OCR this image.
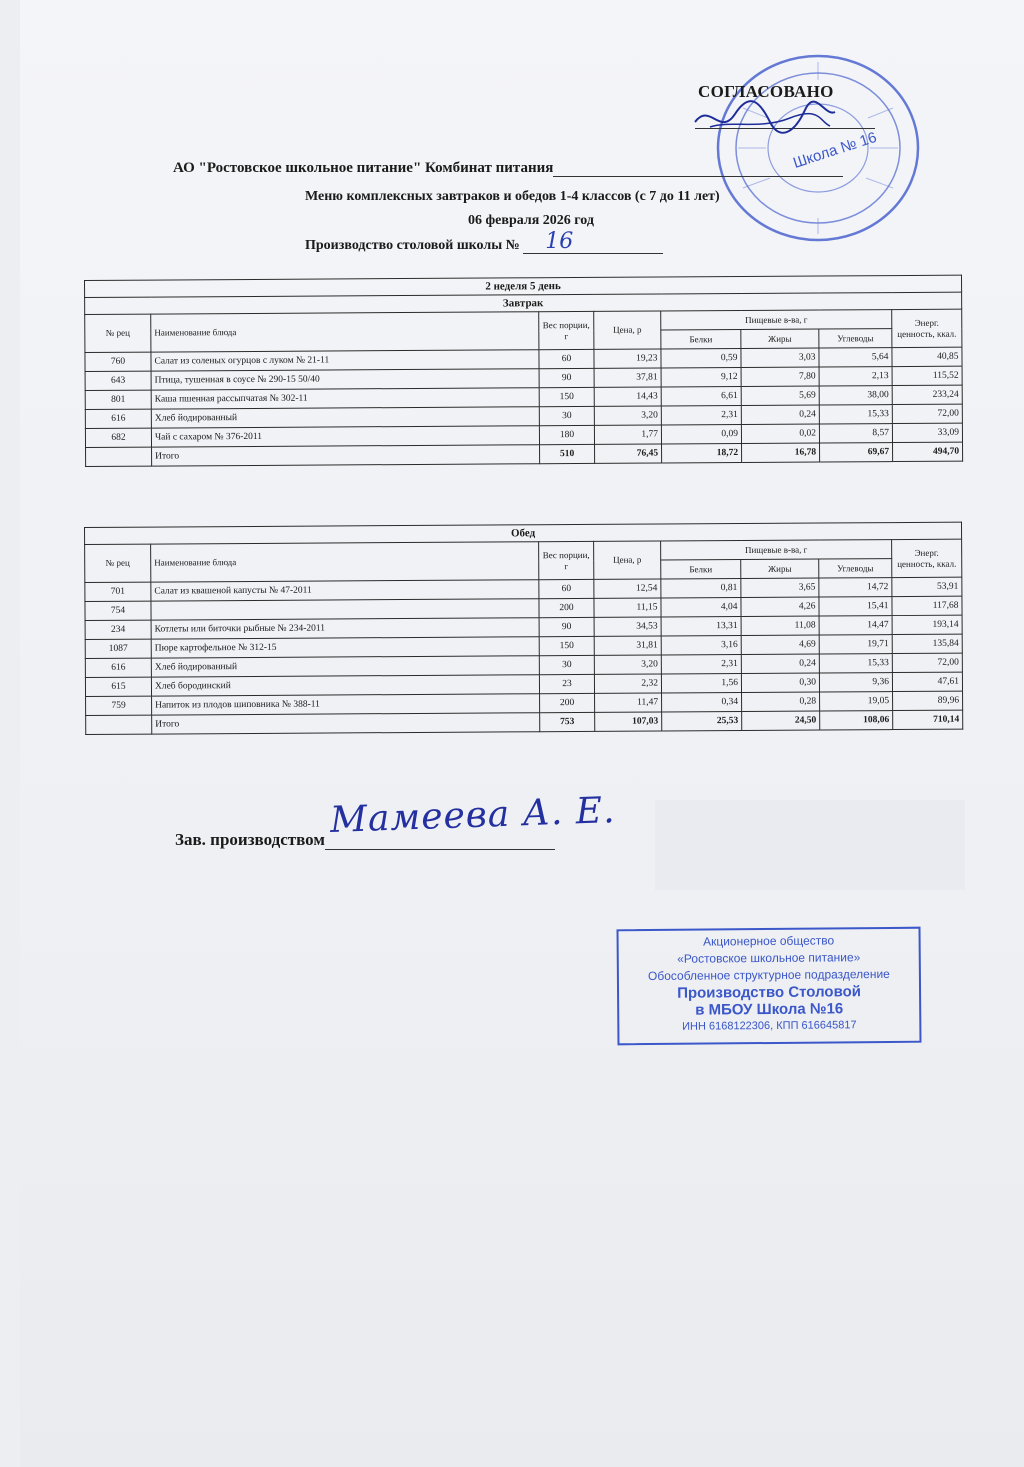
Школа № 16
СОГЛАСОВАНО
АО "Ростовское школьное питание" Комбинат питания
Меню комплексных завтраков и обедов 1-4 классов (с 7 до 11 лет)
06 февраля 2026 год
Производство столовой школы № 16
2 неделя 5 день							
Завтрак							
№ рец	Наименование блюда	Вес порции, г	Цена, р	Пищевые в-ва, г			Энерг. ценность, ккал.
				Белки	Жиры	Углеводы	
760	Салат из соленых огурцов с луком № 21-11	60	19,23	0,59	3,03	5,64	40,85
643	Птица, тушенная в соусе № 290-15 50/40	90	37,81	9,12	7,80	2,13	115,52
801	Каша пшенная рассыпчатая № 302-11	150	14,43	6,61	5,69	38,00	233,24
616	Хлеб йодированный	30	3,20	2,31	0,24	15,33	72,00
682	Чай с сахаром № 376-2011	180	1,77	0,09	0,02	8,57	33,09
	Итого	510	76,45	18,72	16,78	69,67	494,70
Обед							
№ рец	Наименование блюда	Вес порции, г	Цена, р	Пищевые в-ва, г			Энерг. ценность, ккал.
				Белки	Жиры	Углеводы	
701	Салат из квашеной капусты № 47-2011	60	12,54	0,81	3,65	14,72	53,91
754		200	11,15	4,04	4,26	15,41	117,68
234	Котлеты или биточки рыбные № 234-2011	90	34,53	13,31	11,08	14,47	193,14
1087	Пюре картофельное № 312-15	150	31,81	3,16	4,69	19,71	135,84
616	Хлеб йодированный	30	3,20	2,31	0,24	15,33	72,00
615	Хлеб бородинский	23	2,32	1,56	0,30	9,36	47,61
759	Напиток из плодов шиповника № 388-11	200	11,47	0,34	0,28	19,05	89,96
	Итого	753	107,03	25,53	24,50	108,06	710,14
Мамеева А. Е.
Зав. производством
Акционерное общество
«Ростовское школьное питание»
Обособленное структурное подразделение
Производство Столовой
в МБОУ Школа №16
ИНН 6168122306, КПП 616645817
